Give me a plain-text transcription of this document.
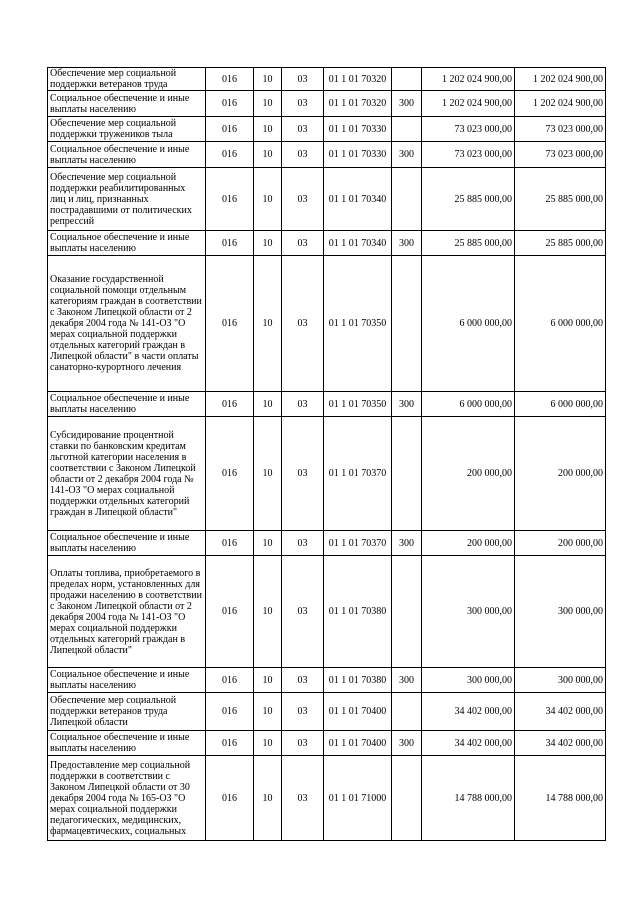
Обеспечение мер социальной поддержки ветеранов труда	016	10	03	01 1 01 70320		1 202 024 900,00	1 202 024 900,00
Социальное обеспечение и иные выплаты населению	016	10	03	01 1 01 70320	300	1 202 024 900,00	1 202 024 900,00
Обеспечение мер социальной поддержки тружеников тыла	016	10	03	01 1 01 70330		73 023 000,00	73 023 000,00
Социальное обеспечение и иные выплаты населению	016	10	03	01 1 01 70330	300	73 023 000,00	73 023 000,00
Обеспечение мер социальной поддержки реабилитированных лиц и лиц, признанных пострадавшими от политических репрессий	016	10	03	01 1 01 70340		25 885 000,00	25 885 000,00
Социальное обеспечение и иные выплаты населению	016	10	03	01 1 01 70340	300	25 885 000,00	25 885 000,00
Оказание государственной социальной помощи отдельным категориям граждан в соответствии с Законом Липецкой области от 2 декабря 2004 года № 141-ОЗ "О мерах социальной поддержки отдельных категорий граждан в Липецкой области" в части оплаты санаторно-курортного лечения	016	10	03	01 1 01 70350		6 000 000,00	6 000 000,00
Социальное обеспечение и иные выплаты населению	016	10	03	01 1 01 70350	300	6 000 000,00	6 000 000,00
Субсидирование процентной ставки по банковским кредитам льготной категории населения в соответствии с Законом Липецкой области от 2 декабря 2004 года № 141-ОЗ "О мерах социальной поддержки отдельных категорий граждан в Липецкой области"	016	10	03	01 1 01 70370		200 000,00	200 000,00
Социальное обеспечение и иные выплаты населению	016	10	03	01 1 01 70370	300	200 000,00	200 000,00
Оплаты топлива, приобретаемого в пределах норм, установленных для продажи населению в соответствии с Законом Липецкой области от 2 декабря 2004 года № 141-ОЗ "О мерах социальной поддержки отдельных категорий граждан в Липецкой области"	016	10	03	01 1 01 70380		300 000,00	300 000,00
Социальное обеспечение и иные выплаты населению	016	10	03	01 1 01 70380	300	300 000,00	300 000,00
Обеспечение мер социальной поддержки ветеранов труда Липецкой области	016	10	03	01 1 01 70400		34 402 000,00	34 402 000,00
Социальное обеспечение и иные выплаты населению	016	10	03	01 1 01 70400	300	34 402 000,00	34 402 000,00
Предоставление мер социальной поддержки в соответствии с Законом Липецкой области от 30 декабря 2004 года № 165-ОЗ "О мерах социальной поддержки педагогических, медицинских, фармацевтических, социальных	016	10	03	01 1 01 71000		14 788 000,00	14 788 000,00
